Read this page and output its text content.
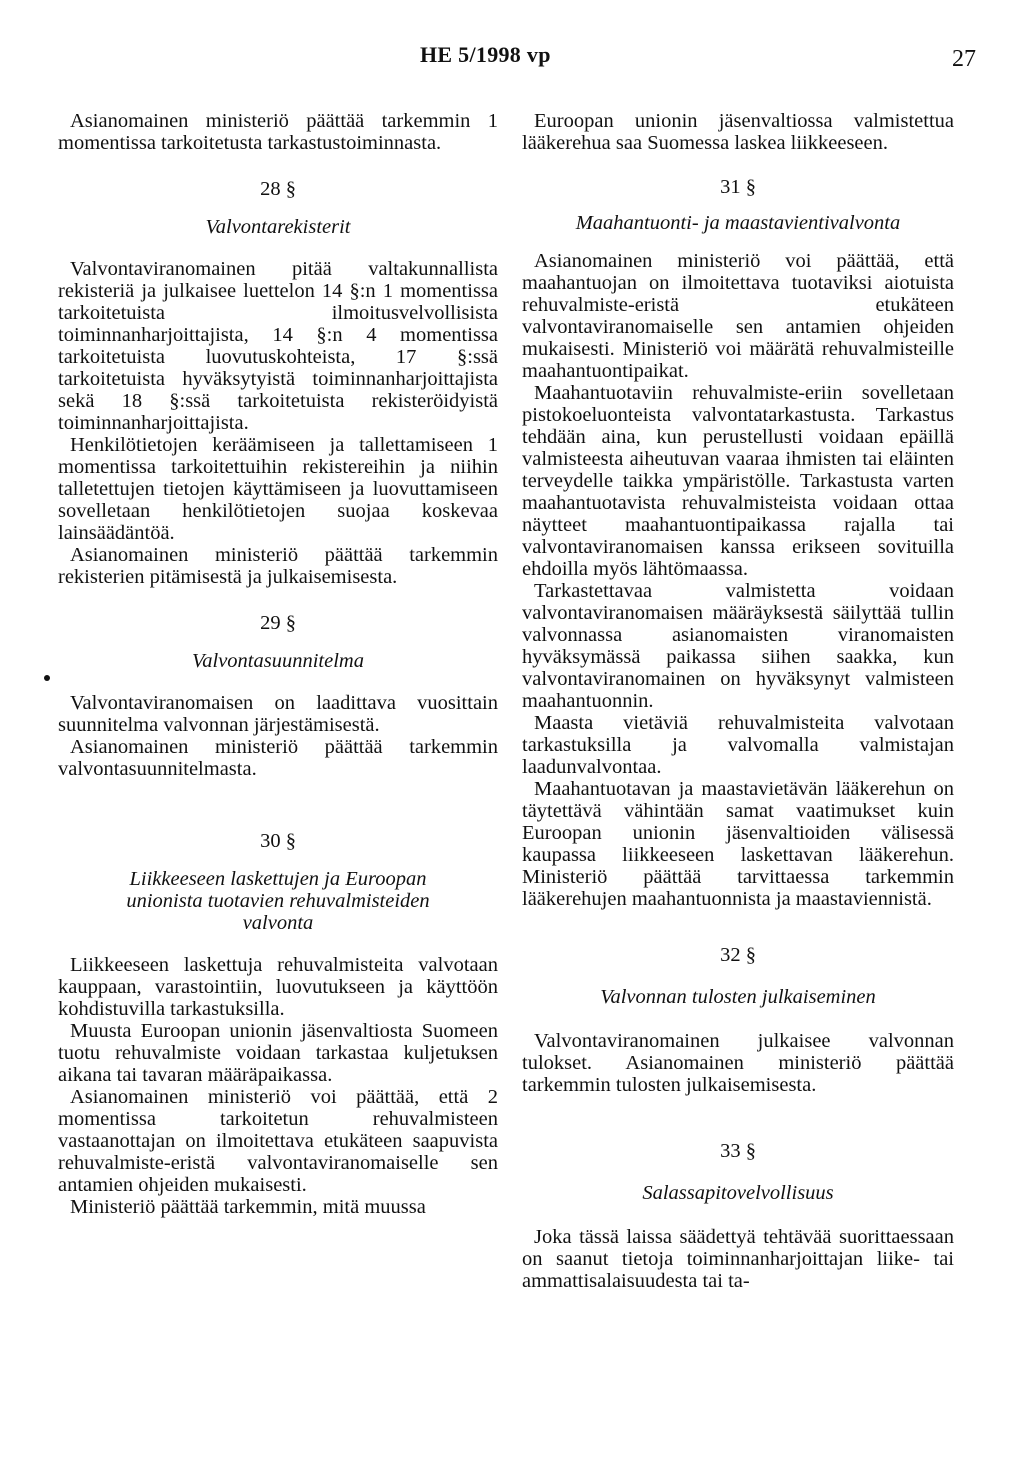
HE 5/1998 vp	27

Asianomainen ministeriö päättää tarkemmin 1 momentissa tarkoitetusta tarkastustoiminnasta.

28 §

Valvontarekisterit

Valvontaviranomainen pitää valtakunnallista rekisteriä ja julkaisee luettelon 14 §:n 1 momentissa tarkoitetuista ilmoitusvelvollisista toiminnanharjoittajista, 14 §:n 4 momentissa tarkoitetuista luovutuskohteista, 17 §:ssä tarkoitetuista hyväksytyistä toiminnanharjoittajista sekä 18 §:ssä tarkoitetuista rekisteröidyistä toiminnanharjoittajista.

Henkilötietojen keräämiseen ja tallettamiseen 1 momentissa tarkoitettuihin rekistereihin ja niihin talletettujen tietojen käyttämiseen ja luovuttamiseen sovelletaan henkilötietojen suojaa koskevaa lainsäädäntöä.

Asianomainen ministeriö päättää tarkemmin rekisterien pitämisestä ja julkaisemisesta.

29 §

Valvontasuunnitelma

Valvontaviranomaisen on laadittava vuosittain suunnitelma valvonnan järjestämisestä.

Asianomainen ministeriö päättää tarkemmin valvontasuunnitelmasta.

30 §

Liikkeeseen laskettujen ja Euroopan unionista tuotavien rehuvalmisteiden valvonta

Liikkeeseen laskettuja rehuvalmisteita valvotaan kauppaan, varastointiin, luovutukseen ja käyttöön kohdistuvilla tarkastuksilla.

Muusta Euroopan unionin jäsenvaltiosta Suomeen tuotu rehuvalmiste voidaan tarkastaa kuljetuksen aikana tai tavaran määräpaikassa.

Asianomainen ministeriö voi päättää, että 2 momentissa tarkoitetun rehuvalmisteen vastaanottajan on ilmoitettava etukäteen saapuvista rehuvalmiste-eristä valvontaviranomaiselle sen antamien ohjeiden mukaisesti.

Ministeriö päättää tarkemmin, mitä muussa

Euroopan unionin jäsenvaltiossa valmistettua lääkerehua saa Suomessa laskea liikkeeseen.

31 §

Maahantuonti- ja maastavientivalvonta

Asianomainen ministeriö voi päättää, että maahantuojan on ilmoitettava tuotaviksi aiotuista rehuvalmiste-eristä etukäteen valvontaviranomaiselle sen antamien ohjeiden mukaisesti. Ministeriö voi määrätä rehuvalmisteille maahantuontipaikat.

Maahantuotaviin rehuvalmiste-eriin sovelletaan pistokoeluonteista valvontatarkastusta. Tarkastus tehdään aina, kun perustellusti voidaan epäillä valmisteesta aiheutuvan vaaraa ihmisten tai eläinten terveydelle taikka ympäristölle. Tarkastusta varten maahantuotavista rehuvalmisteista voidaan ottaa näytteet maahantuontipaikassa rajalla tai valvontaviranomaisen kanssa erikseen sovituilla ehdoilla myös lähtömaassa.

Tarkastettavaa valmistetta voidaan valvontaviranomaisen määräyksestä säilyttää tullin valvonnassa asianomaisten viranomaisten hyväksymässä paikassa siihen saakka, kun valvontaviranomainen on hyväksynyt valmisteen maahantuonnin.

Maasta vietäviä rehuvalmisteita valvotaan tarkastuksilla ja valvomalla valmistajan laadunvalvontaa.

Maahantuotavan ja maastavietävän lääkerehun on täytettävä vähintään samat vaatimukset kuin Euroopan unionin jäsenvaltioiden välisessä kaupassa liikkeeseen laskettavan lääkerehun. Ministeriö päättää tarvittaessa tarkemmin lääkerehujen maahantuonnista ja maastaviennistä.

32 §

Valvonnan tulosten julkaiseminen

Valvontaviranomainen julkaisee valvonnan tulokset. Asianomainen ministeriö päättää tarkemmin tulosten julkaisemisesta.

33 §

Salassapitovelvollisuus

Joka tässä laissa säädettyä tehtävää suorittaessaan on saanut tietoja toiminnanharjoittajan liike- tai ammattisalaisuudesta tai ta-
